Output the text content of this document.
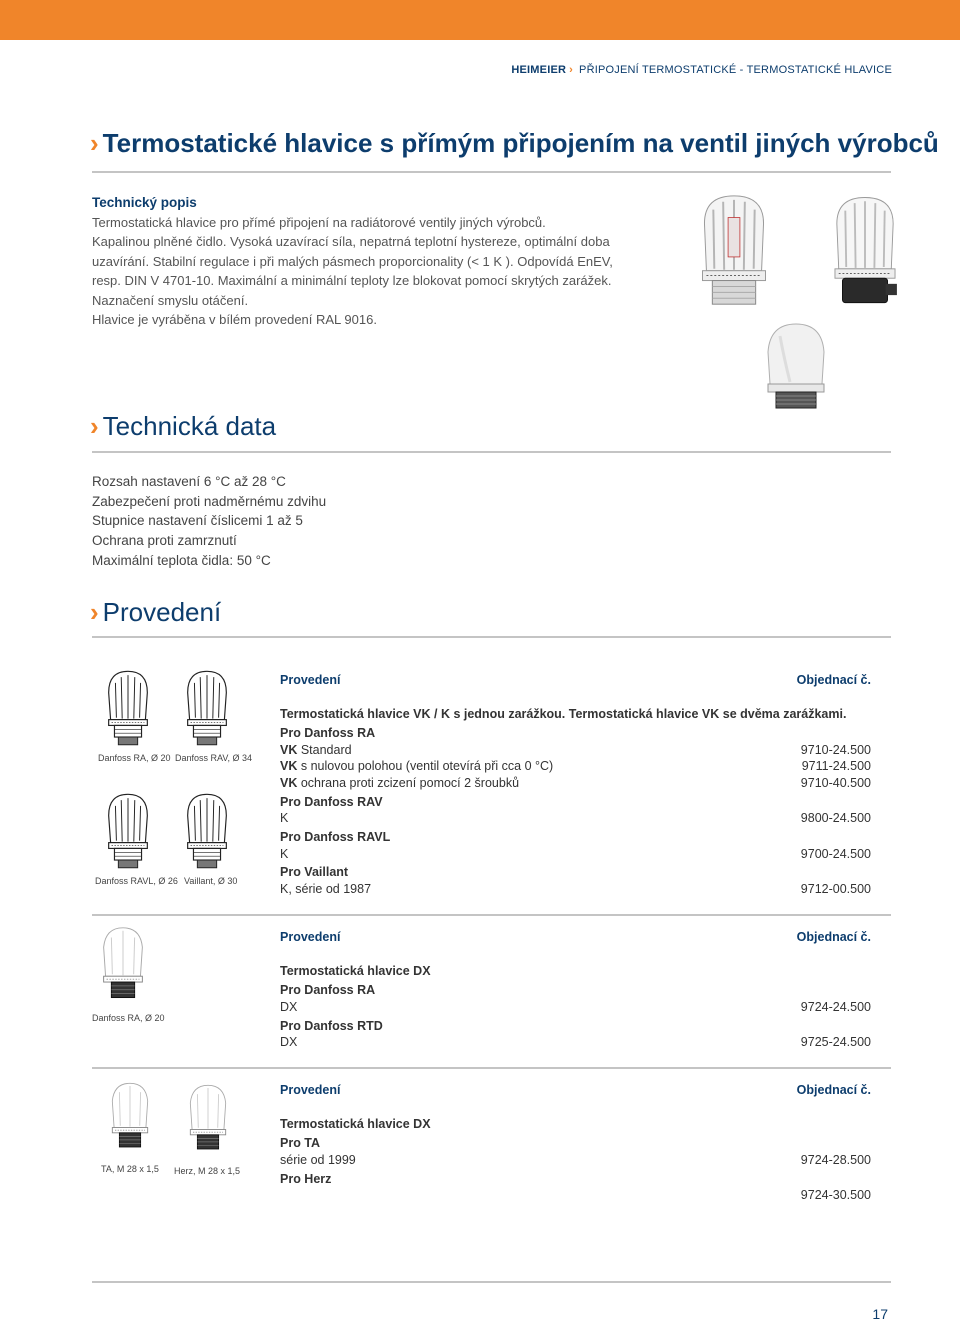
HEIMEIER › PŘIPOJENÍ TERMOSTATICKÉ - TERMOSTATICKÉ HLAVICE
› Termostatické hlavice s přímým připojením na ventil jiných výrobců
Technický popis
Termostatická hlavice pro přímé připojení na radiátorové ventily jiných výrobců.
Kapalinou plněné čidlo. Vysoká uzavírací síla, nepatrná teplotní hystereze, optimální doba
uzavírání. Stabilní regulace i při malých pásmech proporcionality (< 1 K ). Odpovídá EnEV,
resp. DIN V 4701-10. Maximální a minimální teploty lze blokovat pomocí skrytých zarážek.
Naznačení smyslu otáčení.
Hlavice je vyráběna v bílém provedení RAL 9016.
› Technická data
Rozsah nastavení 6 °C až 28 °C
Zabezpečení proti nadměrnému zdvihu
Stupnice nastavení číslicemi 1 až 5
Ochrana proti zamrznutí
Maximální teplota čidla: 50 °C
› Provedení
Danfoss RA, Ø 20 Danfoss RAV, Ø 34
Danfoss RAVL, Ø 26 Vaillant, Ø 30
Provedení	Objednací č.
Termostatická hlavice VK / K s jednou zarážkou. Termostatická hlavice VK se dvěma zarážkami.
Pro Danfoss RA
VK Standard	9710-24.500
VK s nulovou polohou (ventil otevírá při cca 0 °C)	9711-24.500
VK ochrana proti zcizení pomocí 2 šroubků	9710-40.500
Pro Danfoss RAV
K	9800-24.500
Pro Danfoss RAVL
K	9700-24.500
Pro Vaillant
K, série od 1987	9712-00.500
Danfoss RA, Ø 20
Provedení	Objednací č.
Termostatická hlavice DX
Pro Danfoss RA
DX	9724-24.500
Pro Danfoss RTD
DX	9725-24.500
TA, M 28 x 1,5 Herz, M 28 x 1,5
Provedení	Objednací č.
Termostatická hlavice DX
Pro TA
série od 1999	9724-28.500
Pro Herz
9724-30.500
17
